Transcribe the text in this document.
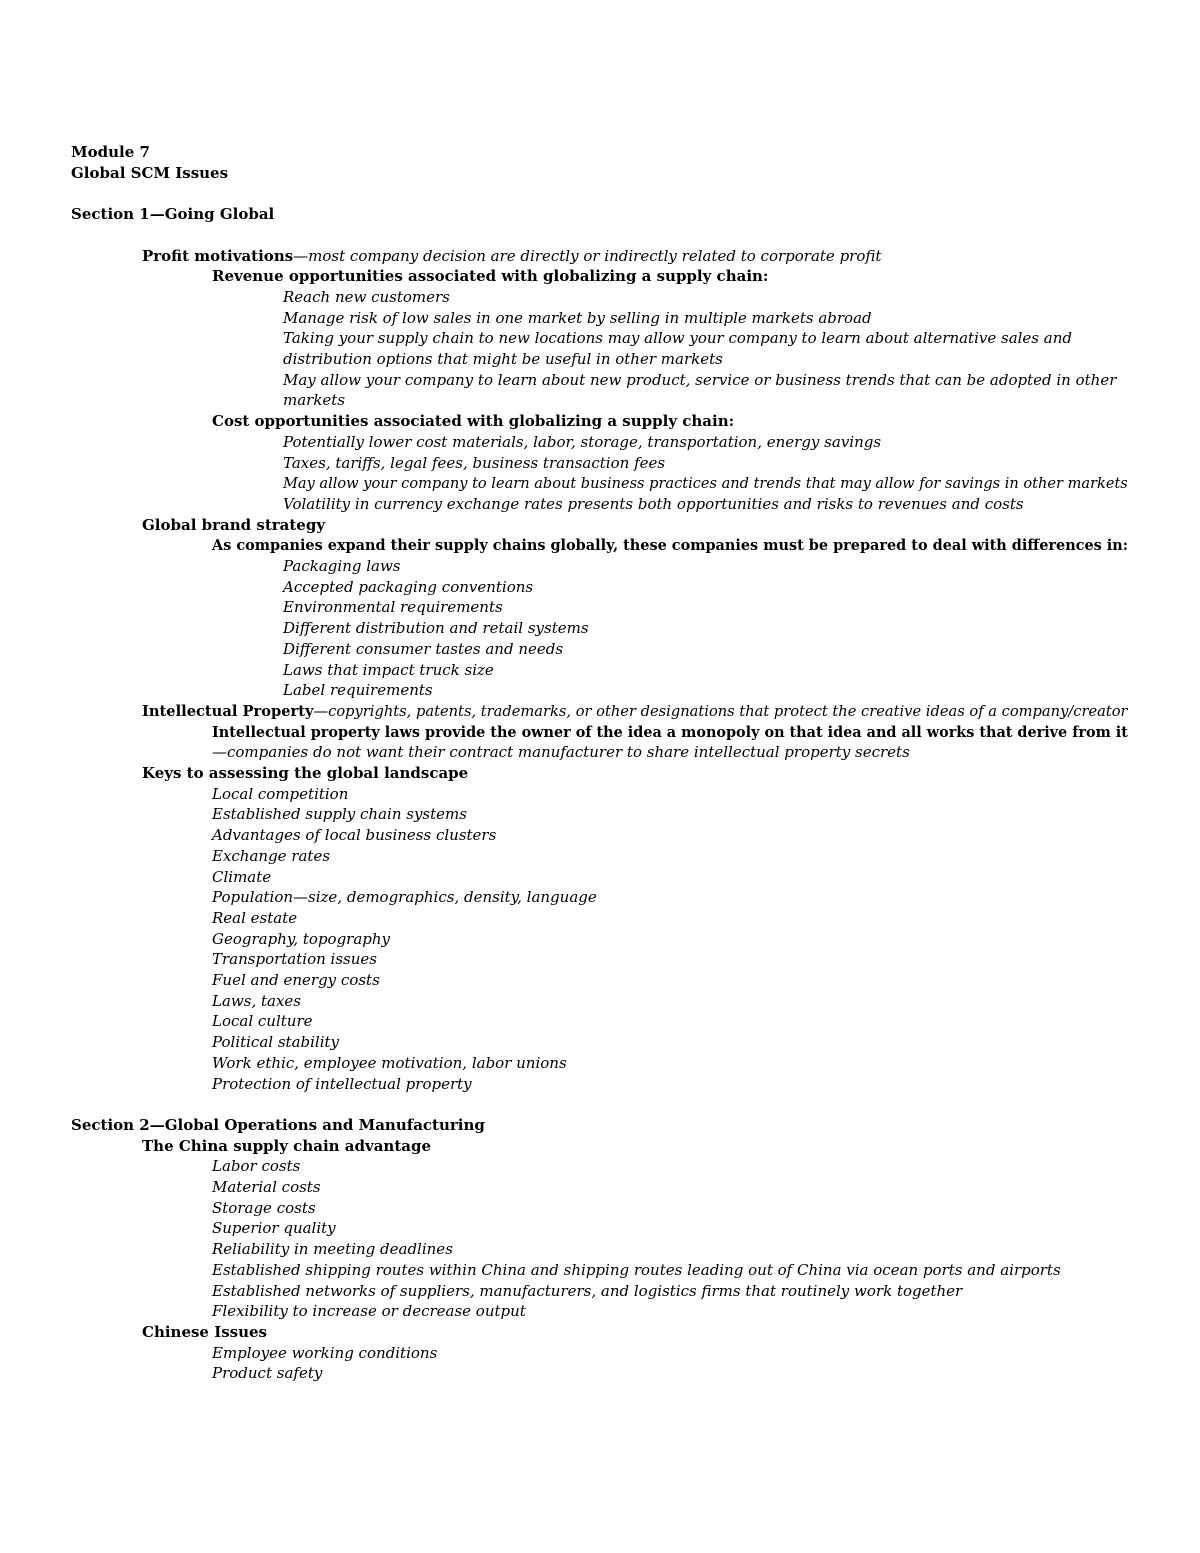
Module 7
Global SCM Issues
Section 1—Going Global
Profit motivations—most company decision are directly or indirectly related to corporate profit
Revenue opportunities associated with globalizing a supply chain:
Reach new customers
Manage risk of low sales in one market by selling in multiple markets abroad
Taking your supply chain to new locations may allow your company to learn about alternative sales and
distribution options that might be useful in other markets
May allow your company to learn about new product, service or business trends that can be adopted in other
markets
Cost opportunities associated with globalizing a supply chain:
Potentially lower cost materials, labor, storage, transportation, energy savings
Taxes, tariffs, legal fees, business transaction fees
May allow your company to learn about business practices and trends that may allow for savings in other markets
Volatility in currency exchange rates presents both opportunities and risks to revenues and costs
Global brand strategy
As companies expand their supply chains globally, these companies must be prepared to deal with differences in:
Packaging laws
Accepted packaging conventions
Environmental requirements
Different distribution and retail systems
Different consumer tastes and needs
Laws that impact truck size
Label requirements
Intellectual Property—copyrights, patents, trademarks, or other designations that protect the creative ideas of a company/creator
Intellectual property laws provide the owner of the idea a monopoly on that idea and all works that derive from it
—companies do not want their contract manufacturer to share intellectual property secrets
Keys to assessing the global landscape
Local competition
Established supply chain systems
Advantages of local business clusters
Exchange rates
Climate
Population—size, demographics, density, language
Real estate
Geography, topography
Transportation issues
Fuel and energy costs
Laws, taxes
Local culture
Political stability
Work ethic, employee motivation, labor unions
Protection of intellectual property
Section 2—Global Operations and Manufacturing
The China supply chain advantage
Labor costs
Material costs
Storage costs
Superior quality
Reliability in meeting deadlines
Established shipping routes within China and shipping routes leading out of China via ocean ports and airports
Established networks of suppliers, manufacturers, and logistics firms that routinely work together
Flexibility to increase or decrease output
Chinese Issues
Employee working conditions
Product safety
